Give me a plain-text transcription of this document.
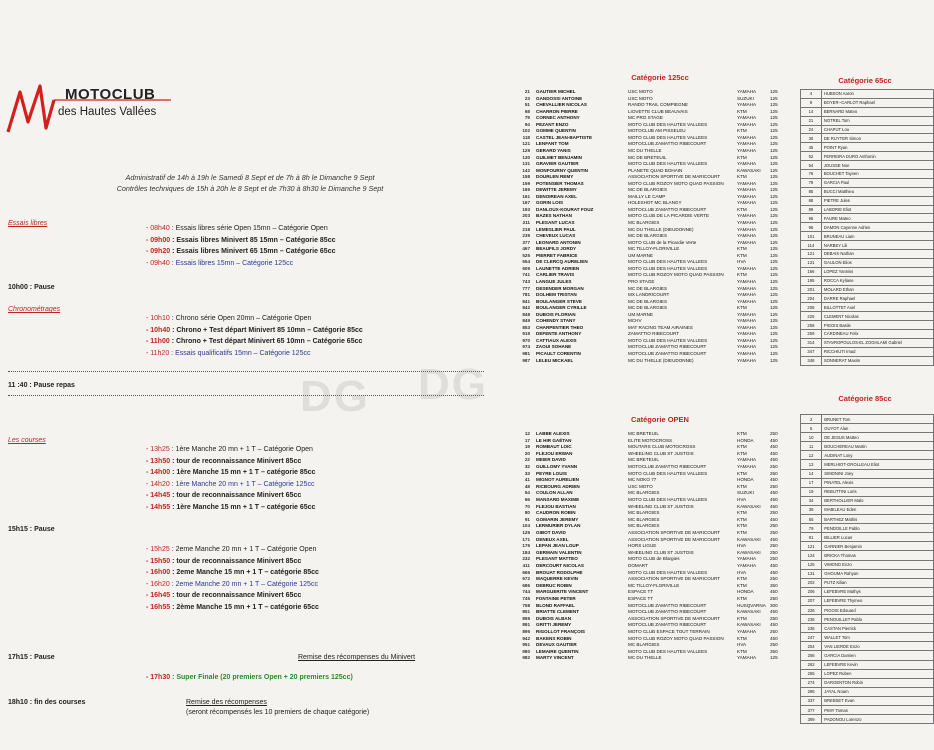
MOTOCLUB
des Hautes Vallées
Administratif de 14h à 19h le Samedi 8 Sept et de 7h à 8h le Dimanche 9 Sept
Contrôles techniques de 15h à 20h le 8 Sept et de 7h30 à 8h30 le Dimanche 9 Sept
Essais libres
- 08h40 : Essais libres série Open 15mn – Catégorie Open
- 09h00 : Essais libres Minivert 85 15mn – Catégorie 85cc
- 09h20 : Essais libres Minivert 65 15mn – Catégorie 65cc
- 09h40 : Essais libres 15mn – Catégorie 125cc
10h00 : Pause
Chronométrages
- 10h10 : Chrono série Open 20mn – Catégorie Open
- 10h40 : Chrono + Test départ Minivert 85 10mn – Catégorie 85cc
- 11h00 : Chrono + Test départ Minivert 65 10mn – Catégorie 65cc
- 11h20 : Essais qualificatifs 15mn – Catégorie 125cc
11 :40 : Pause repas
Les courses
- 13h25 : 1ère Manche 20 mn + 1 T – Catégorie Open
- 13h50 : tour de reconnaissance Minivert 85cc
- 14h00 : 1ère Manche 15 mn + 1 T – catégorie 85cc
- 14h20 : 1ère Manche 20 mn + 1 T – Catégorie 125cc
- 14h45 : tour de reconnaissance Minivert 65cc
- 14h55 : 1ère Manche 15 mn + 1 T – catégorie 65cc
15h15 : Pause
- 15h25 : 2eme Manche 20 mn + 1 T – Catégorie Open
- 15h50 : tour de reconnaissance Minivert 85cc
- 16h00 : 2eme Manche 15 mn + 1 T – catégorie 85cc
- 16h20 : 2eme Manche 20 mn + 1 T – Catégorie 125cc
- 16h45 : tour de reconnaissance Minivert 65cc
- 16h55 : 2ème Manche 15 mn + 1 T – catégorie 65cc
17h15 : Pause	Remise des récompenses du Minivert
- 17h30 : Super Finale (20 premiers Open + 20 premiers 125cc)
18h10 : fin des courses	Remise des récompenses
(seront récompensés les 10 premiers de chaque catégorie)
DG
Catégorie 125cc
21 GAUTIER MICHEL	USC MOTO	YAMAHA	125
23 GANDOSSI ANTOINE	USC MOTO	SUZUKI	125
51 CHEVALLIER NICOLAS	RANDO TRAIL COMPIEGNE	YAMAHA	125
68 CHARRON PIERRE	LIOVETTE CLUB BEAUVAIS	KTM	125
79 CORNEC ANTHONY	MC PRO STAGE	YAMAHA	125
94 PEZANT ENZO	MOTO CLUB DES HAUTES VALLEES	YAMAHA	125
102 GOMME QUENTIN	MOTOCLUB AM PISSELEU	KTM	125
118 CASTEL JEAN-BAPTISTE	MOTO CLUB DES HAUTES VALLEES	YAMAHA	125
121 LENFANT TOM	MOTOCLUB ZAMATTIO RIBECOURT	YAMAHA	125
129 GERARD YANIS	MC DU THELLE	YAMAHA	125
130 GUILMET BENJAMIN	MC DE BRETEUIL	KTM	125
131 GRAVIER GAUTIER	MOTO CLUB DES HAUTES VALLEES	YAMAHA	125
142 MONFOURNY QUENTIN	PLANETE QUAD BOHAIN	KAWASAKI	125
158 DOURLEN REMY	ASSOCIATION SPORTIVE DE MARICOURT	KTM	125
159 POTENSIER THOMAS	MOTO CLUB ROZOY MOTO QUAD PASSION	YAMAHA	125
165 DEWITTE JEREMY	MC DE BLARGIES	YAMAHA	125
161 DENOIREAN AXEL	MAILLY LE CAMP	YAMAHA	125
167 GORIN LOIS	HOLESHOT MC BLANGY	YAMAHA	125
193 DANLOUX-KOURAT FOUZ	MOTOCLUB ZAMATTIO RIBECOURT	KTM	125
203 BAZES NATHAN	MOTO CLUB DE LA PICARDIE VERTE	YAMAHA	125
211 PLESANT LUCAS	MC BLARGIES	YAMAHA	125
218 LEMESLIER PAUL	MC DU THELLE (DIEUDONNE)	YAMAHA	125
239 CHEVEUX LUCAS	MC DE BLARGIES	YAMAHA	125
377 LEONARD ANTONIN	MOTO CLUB de la Picardie Verte	YAMAHA	125
467 BEAUFILS JORDY	MC TILLOY-FLORIVILLE	KTM	125
525 PIERRET FABRICE	UM MARNE	KTM	125
554 DE CLERCQ AURELIEN	MOTO CLUB DES HAUTES VALLEES	HVA	125
609 LAUNETTE ADRIEN	MOTO CLUB DES HAUTES VALLEES	YAMAHA	125
741 CARLIER TRAVIS	MOTO CLUB ROZOY MOTO QUAD PASSION	KTM	125
743 LANGUE JULES	PRO STAGE	YAMAHA	125
777 DESENDER MORGAN	MC DE BLARGIES	YAMAHA	125
781 DOLHEM TRISTAN	MX LANDRICOURT	YAMAHA	125
841 BOULANGER STEVE	MC DE BLARGIES	YAMAHA	125
842 BOULANGER CYRILLE	MC DE BLARGIES	KTM	125
848 DUBOIS FLORIAN	UM MARNE	YAMAHA	125
849 COHENDY STANY	MCHV	YAMAHA	125
853 CHARPENTIER THEO	MAT RACING TEAM AIRAINES	YAMAHA	125
919 DEFENTE ANTHONY	ZAMATTIO RIBECOURT	YAMAHA	125
970 CATTIAUX ALEXIS	MOTO CLUB DES HAUTES VALLEES	YAMAHA	125
974 ZAOUI SOHANE	MOTOCLUB ZAMATTIO RIBECOURT	YAMAHA	125
981 PICAULT CORENTIN	MOTOCLUB ZAMATTIO RIBECOURT	YAMAHA	125
987 LELEU MICKAEL	MC DU THELLE (DIEUDONNE)	YAMAHA	125
Catégorie OPEN
12 LABBE ALEXIS	MC BRETEUIL	KTM	250
17 LE HIR GAËTAN	ELITE MOTOCROSS	HONDA	450
19 ROMBAUT LOIC	MOUTARS CLUB MOTOCROSS	KTM	450
20 FLEJOU ERWAN	WHEELING CLUB ST JUSTOIS	KTM	450
22 MEIER DAVID	MC BRETEUIL	YAMAHA	450
32 GUILLOMY YVANN	MOTOCLUB ZAMATTIO RIBECOURT	YAMAHA	250
33 PEYRE LOUIS	MOTO CLUB DES HAUTES VALLEES	KTM	250
41 MIGNOT AURELIEN	MC NOKO 77	HONDA	450
48 RICBOURG ADRIEN	USC MOTO	KTM	250
54 COULON ALLAN	MC BLARGIES	SUZUKI	450
66 MANSARD MAXIME	MOTO CLUB DES HAUTES VALLEES	HVA	450
70 FLEJOU BASTIAN	WHEELING CLUB ST JUSTOIS	KAWASAKI	450
80 CAUDRON ROBIN	MC BLARGIES	KTM	250
91 GOMARIN JEREMY	MC BLARGIES	KTM	450
104 LERMURIER DYLAN	MC BLARGIES	KTM	250
125 GIBOT DAVID	ASSOCIATION SPORTIVE DE MARICOURT	KTM	250
171 DENEUX AXEL	ASSOCIATION SPORTIVE DE MARICOURT	KAWASAKI	450
176 LEPAN JEAN LOUP	HORS LIGUE	HVA	250
184 GERMAIN VALENTIN	WHEELING CLUB ST JUSTOIS	KAWASAKI	250
232 PLESANT MATTEO	MOTO CLUB de Blargies	YAMAHA	250
411 DERCOURT NICOLAS	DOMART	YAMAHA	450
665 BROUAT RODOLPHE	MOTO CLUB DES HAUTES VALLEES	HVA	450
672 MAQUERRE KEVIN	ASSOCIATION SPORTIVE DE MARICOURT	KTM	250
686 DEBRUC ROBIN	MC TILLOY-FLORIVILLE	KTM	350
744 MARGUERITE VINCENT	ESPACE TT	HONDA	450
745 FONTAINE PETER	ESPACE TT	KTM	250
758 BLOND RAFFAEL	MOTOCLUB ZAMATTIO RIBECOURT	HUSQVARNA 300
851 BRIATTE CLEMENT	MOTOCLUB ZAMATTIO RIBECOURT	KAWASAKI	450
859 DUBOIS ALBAN	ASSOCIATION SPORTIVE DE MARICOURT	KTM	250
891 GRITTI JEREMY	MOTOCLUB ZAMATTIO RIBECOURT	KAWASAKI	450
895 RIGOLLOT FRANÇOIS	MOTO CLUB ESPACE TOUT TERRAIN	YAMAHA	250
942 BAKENS ROBIN	MOTO CLUB ROZOY MOTO QUAD PASSION	KTM	450
951 DEVAUX GAUTIER	MC BLARGIES	HVA	250
980 LEMAIRE QUENTIN	MOTO CLUB DES HAUTES VALLEES	KTM	350
982 MARTY VINCENT	MC DU THELLE	YAMAHA	125
Catégorie 65cc
4	HUBSON Aaron
9	BOYER--CARLOT Raphael
14	BERNARD Mateo
21	NOTREL Tom
24	CHAPUT Lou
30	DE RUYTER Simon
45	POINT Ryan
52	FERREIRA DURO Anthonin
54	JOUSSE Noe
76	BOUCHET Tayven
79	GARCIA Paul
85	BUCCI Matthieu
88	PIETRE Jules
89	LABORIE Eliot
95	FAURE Mateo
96	DAMON Cayenne Adrien
101	BRUNEAU Liam
114	NARBEY Lili
121	DEBAIS Nathan
131	GAULON Elios
166	LOPEZ Yanniss
195	ROCCA Kyliane
201	MOLARD Ethan
204	DARRE Raphael
208	BILLOTTET Axel
225	CLEMENT Nicolas
258	PIGOIS Basile
259	CARDINEAU Felix
314	STAVROPOULOS-EL ZOGHLAMI Gabriel
347	RICCHIUTI Imad
348	SONNERAT Maxim
Catégorie 85cc
2	BRUNET Tom
5	GUYOT Alan
10	DE JESUS Matteo
11	BOUCHEREAU Martin
12	AUDINAT Lony
13	MERLHIOT-GROLLEAU Eliot
14	SIMONINI Joey
17	PINATEL Alexis
19	REBUTTINI Loris
34	BERTHOLLIER Malo
38	MABILEAU Eden
55	BARTHEZ Mathis
79	PENDOILLE Pablo
91	BILLIER Lucas
121	GARNIER Benjamin
124	BRICKA Thomas
125	VIMOND Enzo
131	GHOUMA Rahyan
202	PUTZ Kilian
206	LEFEBVRE Mathys
207	LEFEBVRE Thymeo
226	PIGOIS Edouard
235	PENOUILLET Pablo
236	CASTAN Pierrick
247	WALLET Tom
254	VAN LIERDE Enzo
256	GARCIA Damien
262	LEFEBVRE Kevin
265	LOPEZ Ruben
274	DARGENTON Robin
286	JAYAL Noam
337	BREBSET Evan
377	PIMY Tomas
399	PADONOU Lorenzo
DG
